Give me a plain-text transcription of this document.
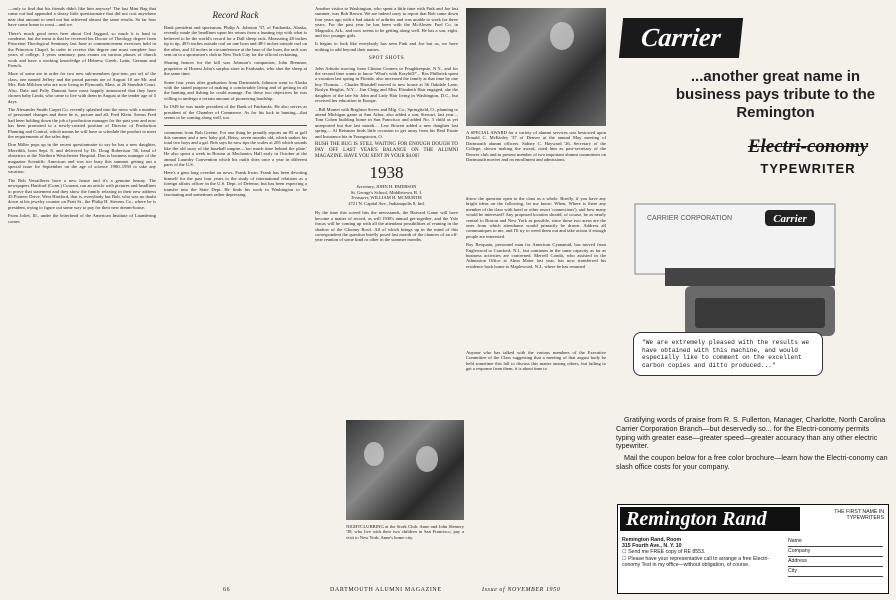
—only to find that his friends didn't like him anyway! The last Mint Bag that came out had appended a sleazy little questionnaire that did not cost anywhere near that amount to send out but achieved almost the same results. So far four have come home to roost—and we.

There's much good news here about Ced Jaggard, so much it is hard to condense, but the meat is that he received his Doctor of Theology degree from Princeton Theological Seminary last June at commencement exercises held in the Princeton Chapel. In order to receive this degree one must complete four years of college, 3 years seminary, pass exams on various phases of church work and have a working knowledge of Hebrew, Greek, Latin, German and French.

More of some are in order for two new sub-members (pro-tem, per se) of the class, one named Jeffery and the proud parents are of August 10 are Mr. and Mrs. Bob Milchen who are now living in Plymouth, Mass. at 26 Standish Court. Also, Dale and Polly Dumont have most happily announced that they have chosen baby Linda, who came to live with them in August at the tender age of 5 days.

The Alexander Smith Carpet Co. recently splashed into the news with a number of personnel changes and there he is, picture and all, Fred Klein. Seems Fred had been holding down the job of production manager for the past year and now has been promoted to a newly-created position of Director of Production Planning and Control, which means he will have to schedule the product to meet the requirements of the sales dept.

Don Miller pops up in the recent questionnaire to say he has a new daughter, Meredith, born Sept. 8, and delivered by Dr. Doug Robertson '36, head of obstetrics at the Northern Westchester Hospital. Don is business manager of the magazine Scientific American and was too busy this summer getting out a special issue for September on the age of science 1900–1950 to take any vacation.

The Bob Vetrailleres have a new house and it's a genuine beauty. The newspapers Hartford (Conn.) Courant, ran an article with pictures and headlines to prove that statement and they show the family relaxing in their new address 45 Pioneer Drive, West Hartford, that is, everybody but Bob, who was no doubt down at his jewelry counter on Pratt St., the Philip H. Stevens Co., where he is president, trying to figure out some way to pay for their new dream-house.

From Joliet, Ill., under the letterhead of the American Institute of Laundering comes

Record Rack

Bank president and sportsman, Philip A. Johnson '37, of Fairbanks, Alaska, recently made the headlines upon his return from a hunting trip with what is believed to be the world's record for a Dall sheep rack. Measuring 48 inches tip to tip, 48½ inches outside curl on one horn and 48½ inches outside curl on the other, and 14 inches in circumference at the base of the horn, the rack was sent on to a sportsmen's club in New York City for the official reckoning.

Sharing honors for the kill was Johnson's companion, John Brennan, proprietor of Honest John's surplus store in Fairbanks, who shot the sheep at the same time.

Some four years after graduation from Dartmouth, Johnson went to Alaska with the stated purpose of making a comfortable living and of getting in all the hunting and fishing he could manage. For these two objectives he was willing to undergo a certain amount of pioneering hardship.

In 1949 he was made president of the Bank of Fairbanks. He also serves as president of the Chamber of Commerce. As for his luck in hunting—that seems to be coming along well, too.

comments from Bob Greene. For one thing he proudly reports an 85 at golf this summer and a new baby girl, Betsy, seven months old, which makes his total two boys and a gal. Bob says he now tips the scales at 205 which sounds like the old story of the baseball umpire—'too much time behind the plate.' He also spent a week in Boston at Mechanics Hall early in October at the annual Laundry Convention which his outfit does once a year in different parts of the U.S.

Here's a gem long overdue on news, Frank Irwin. Frank has been devoting himself for the past four years to the study of international relations as a foreign affairs officer in the U.S. Dept. of Defense, but has been expecting a transfer into the State Dept. He finds his work in Washington to be fascinating and sometimes rather depressing.

Another visitor to Washington, who spent a little time with Fink and Joe last summer, was Bob Brown. We are indeed sorry to report that Bob came down four years ago with a bad attack of arthritis and was unable to work for three years. For the past year he has been with the McAlester Fuel Co. in Magnolia, Ark., and now seems to be getting along well. He has a son, eight, and two younger girls.

It begins to look like everybody has seen Fink and Joe but us, we have nothing to add beyond their names.

SPOT SHOTS

John Arbutto moving from Clinton Corners to Poughkeepsie, N.Y., and for the second time wants to know 'What's with Kraybill?'... Ros Philbrick spent a vacation last spring in Florida, also increased the family at that time by one boy Thomas.... Charles Blaisdell moved to new house at 36 Oakdale Lane, Roslyn Heights, N.Y.... Jim Clegg and Miss Elizabeth Hair engaged, she the daughter of the late Sir John and Lady Hair living in Washington, D.C., but received her education in Europe.

...Bill Montei with Brighton Screw and Mfg. Co., Springfield, O., planning to attend Michigan game at Ann Arbor, also added a son, Stewart, last year.... Tom Cohen building home in San Francisco and added No. 3 child as yet unreported but due last month.... Lew Bowen added a new daughter last spring.... Al Reisman finds little occasion to get away from his Real Estate and Insurance biz in Youngstown, O.

RUSH THE BUG IS STILL WAITING FOR ENOUGH DOUGH TO PAY OFF LAST YEAR'S BALANCE ON THE ALUMNI MAGAZINE. HAVE YOU SENT IN YOUR $4.00?

1938
Secretary, JOHN H. EMERSON
St. George's School, Middletown, R. I.
Treasurer, WILLIAM H. MCMURTIE
4721 N. Capital Ave., Indianapolis 8, Ind.

By the time this screed hits the newsstands, the Harvard Game will have become a matter of record, as will 1938's annual get-together, and the Yale fracas will be coming up with all the attendant possibilities of reuning in the shadow of the Gloomy Bowl. All of which brings up in the mind of this correspondent the question briefly posed last month of the chances of an off-year reunion of some kind or other in the summer months.

A SPECIAL AWARD for a variety of alumni services was bestowed upon Donald C. McKinley '37 of Denver at the annual May meeting of Dartmouth alumni officers. Sidney C. Hayward '26, Secretary of the College, shown making the award, cited him as past-secretary of the Denver club and as present member of two important alumni committees on Dartmouth movies and on enrollment and admissions.

throw the question open to the class as a whole. Briefly, if you have any bright ideas on the following, let me know: When, Where is there any member of the class with hotel or other resort 'connections'), and how many would be interested? Any proposed location should, of course, be as nearly central to Boston and New York as possible, since those two areas are the ones from which attendance would primarily be drawn. Address all communiques to me, and I'll try to weed them out and take action if enough people are interested.

Ray Berquain, personnel man for American Cyanamid, has moved from Englewood to Cranford, N.J., but continues in the same capacity as far as business activities are concerned. Merrell Condit, who assisted in the Admission Office at Alma Mater last year, has now transferred his residence back home to Maplewood, N.J., where he has resumed

Anyone who has talked with the various members of the Executive Committee of the Class suggesting that a meeting of that august body be held sometime this fall to discuss this matter among others, but failing to get a response from them, it is about time to

NIGHTCLUBBING at the Stork Club: Anne and John Slemery '38, who live with their two children in San Francisco, pay a visit to New York, Anne's home city.
66	DARTMOUTH ALUMNI MAGAZINE	Issue of NOVEMBER 1950
Carrier
...another great name in business pays tribute to the Remington
Electri-conomy
TYPEWRITER
CARRIER CORPORATION	Carrier
"We are extremely pleased with the results we have obtained with this machine, and would especially like to comment on the excellent carbon copies and ditto produced..."

Gratifying words of praise from R. S. Fullerton, Manager, Charlotte, North Carolina Carrier Corporation Branch—but deservedly so... for the Electri-conomy permits typing with greater ease—greater speed—greater accuracy than any other electric typewriter.

Mail the coupon below for a free color brochure—learn how the Electri-conomy can slash office costs for your company.

Remington Rand	THE FIRST NAME IN TYPEWRITERS
Remington Rand, Room
315 Fourth Ave., N. Y. 10
☐ Send me FREE copy of RE 8553.
☐ Please have your representative call to arrange a free Electri-conomy Test in my office—without obligation, of course.
Name
Company
Address
City
